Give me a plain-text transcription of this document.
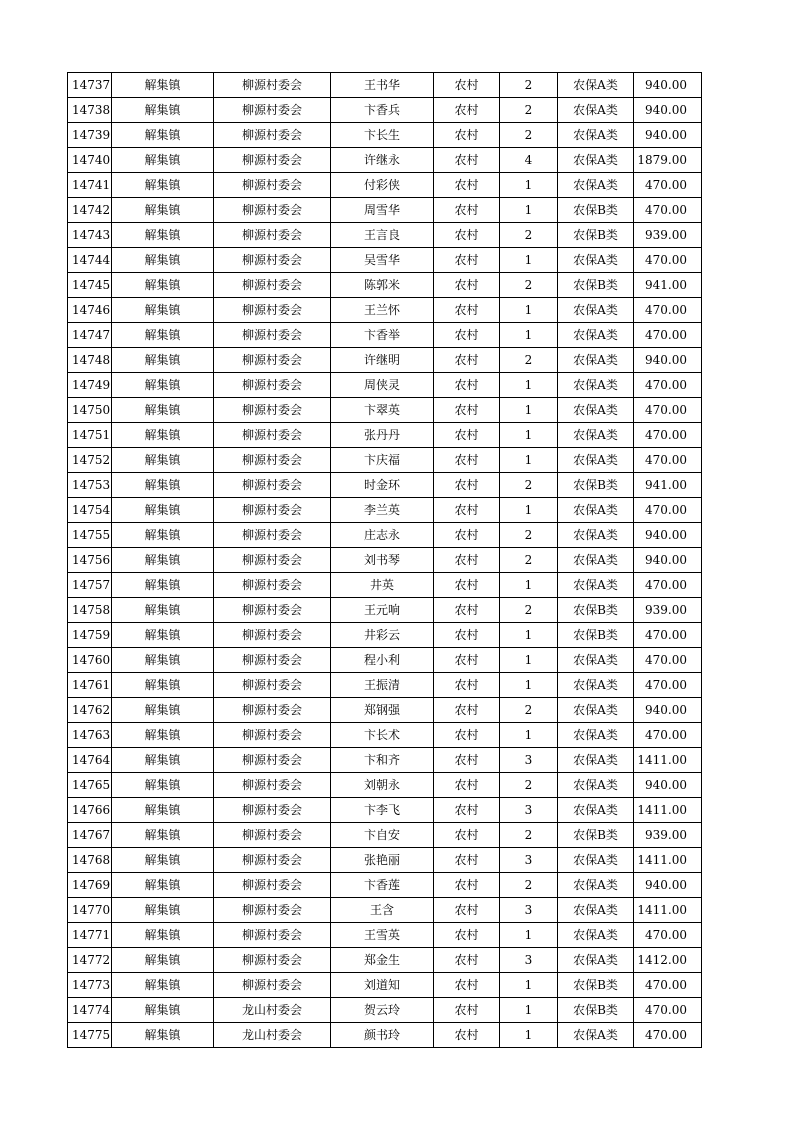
14737	解集镇	柳源村委会	王书华	农村	2	农保A类	940.00
14738	解集镇	柳源村委会	卞香兵	农村	2	农保A类	940.00
14739	解集镇	柳源村委会	卞长生	农村	2	农保A类	940.00
14740	解集镇	柳源村委会	许继永	农村	4	农保A类	1879.00
14741	解集镇	柳源村委会	付彩侠	农村	1	农保A类	470.00
14742	解集镇	柳源村委会	周雪华	农村	1	农保B类	470.00
14743	解集镇	柳源村委会	王言良	农村	2	农保B类	939.00
14744	解集镇	柳源村委会	吴雪华	农村	1	农保A类	470.00
14745	解集镇	柳源村委会	陈郭米	农村	2	农保B类	941.00
14746	解集镇	柳源村委会	王兰怀	农村	1	农保A类	470.00
14747	解集镇	柳源村委会	卞香举	农村	1	农保A类	470.00
14748	解集镇	柳源村委会	许继明	农村	2	农保A类	940.00
14749	解集镇	柳源村委会	周侠灵	农村	1	农保A类	470.00
14750	解集镇	柳源村委会	卞翠英	农村	1	农保A类	470.00
14751	解集镇	柳源村委会	张丹丹	农村	1	农保A类	470.00
14752	解集镇	柳源村委会	卞庆福	农村	1	农保A类	470.00
14753	解集镇	柳源村委会	时金环	农村	2	农保B类	941.00
14754	解集镇	柳源村委会	李兰英	农村	1	农保A类	470.00
14755	解集镇	柳源村委会	庄志永	农村	2	农保A类	940.00
14756	解集镇	柳源村委会	刘书琴	农村	2	农保A类	940.00
14757	解集镇	柳源村委会	井英	农村	1	农保A类	470.00
14758	解集镇	柳源村委会	王元响	农村	2	农保B类	939.00
14759	解集镇	柳源村委会	井彩云	农村	1	农保B类	470.00
14760	解集镇	柳源村委会	程小利	农村	1	农保A类	470.00
14761	解集镇	柳源村委会	王振清	农村	1	农保A类	470.00
14762	解集镇	柳源村委会	郑钢强	农村	2	农保A类	940.00
14763	解集镇	柳源村委会	卞长术	农村	1	农保A类	470.00
14764	解集镇	柳源村委会	卞和齐	农村	3	农保A类	1411.00
14765	解集镇	柳源村委会	刘朝永	农村	2	农保A类	940.00
14766	解集镇	柳源村委会	卞李飞	农村	3	农保A类	1411.00
14767	解集镇	柳源村委会	卞自安	农村	2	农保B类	939.00
14768	解集镇	柳源村委会	张艳丽	农村	3	农保A类	1411.00
14769	解集镇	柳源村委会	卞香莲	农村	2	农保A类	940.00
14770	解集镇	柳源村委会	王含	农村	3	农保A类	1411.00
14771	解集镇	柳源村委会	王雪英	农村	1	农保A类	470.00
14772	解集镇	柳源村委会	郑金生	农村	3	农保A类	1412.00
14773	解集镇	柳源村委会	刘道知	农村	1	农保B类	470.00
14774	解集镇	龙山村委会	贺云玲	农村	1	农保B类	470.00
14775	解集镇	龙山村委会	颜书玲	农村	1	农保A类	470.00
